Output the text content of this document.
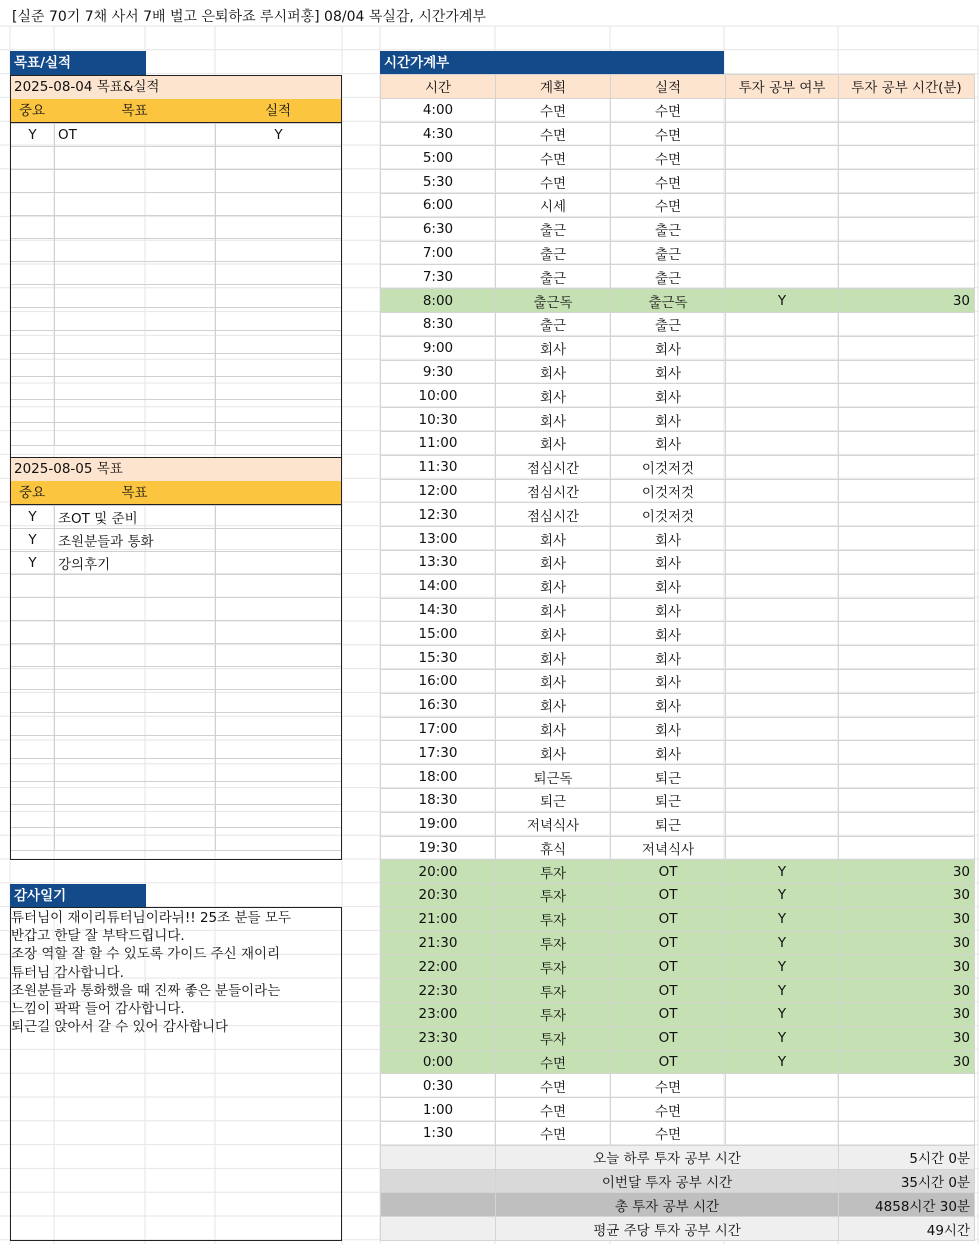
[실준 70기 7채 사서 7배 벌고 은퇴하죠 루시퍼홍] 08/04 목실감, 시간가계부
목표/실적
2025-08-04 목표&실적
중요	목표	실적
Y	OT	Y

2025-08-05 목표
중요	목표
Y	조OT 및 준비	
Y	조원분들과 통화	
Y	강의후기	

감사일기
튜터님이 재이리튜터님이라뉘!! 25조 분들 모두
반갑고 한달 잘 부탁드립니다.
조장 역할 잘 할 수 있도록 가이드 주신 재이리
튜터님 감사합니다.
조원분들과 통화했을 때 진짜 좋은 분들이라는
느낌이 팍팍 들어 감사합니다.
퇴근길 앉아서 갈 수 있어 감사합니다
시간가계부
시간	계획	실적	투자 공부 여부	투자 공부 시간(분)
4:00	수면	수면		
4:30	수면	수면		
5:00	수면	수면		
5:30	수면	수면		
6:00	시세	수면		
6:30	출근	출근		
7:00	출근	출근		
7:30	출근	출근		
8:00	출근독	출근독	Y	30
8:30	출근	출근		
9:00	회사	회사		
9:30	회사	회사		
10:00	회사	회사		
10:30	회사	회사		
11:00	회사	회사		
11:30	점심시간	이것저것		
12:00	점심시간	이것저것		
12:30	점심시간	이것저것		
13:00	회사	회사		
13:30	회사	회사		
14:00	회사	회사		
14:30	회사	회사		
15:00	회사	회사		
15:30	회사	회사		
16:00	회사	회사		
16:30	회사	회사		
17:00	회사	회사		
17:30	회사	회사		
18:00	퇴근독	퇴근		
18:30	퇴근	퇴근		
19:00	저녁식사	퇴근		
19:30	휴식	저녁식사		
20:00	투자	OT	Y	30
20:30	투자	OT	Y	30
21:00	투자	OT	Y	30
21:30	투자	OT	Y	30
22:00	투자	OT	Y	30
22:30	투자	OT	Y	30
23:00	투자	OT	Y	30
23:30	투자	OT	Y	30
0:00	수면	OT	Y	30
0:30	수면	수면		
1:00	수면	수면		
1:30	수면	수면		
	오늘 하루 투자 공부 시간			5시간 0분
	이번달 투자 공부 시간			35시간 0분
	총 투자 공부 시간			4858시간 30분
	평균 주당 투자 공부 시간			49시간
